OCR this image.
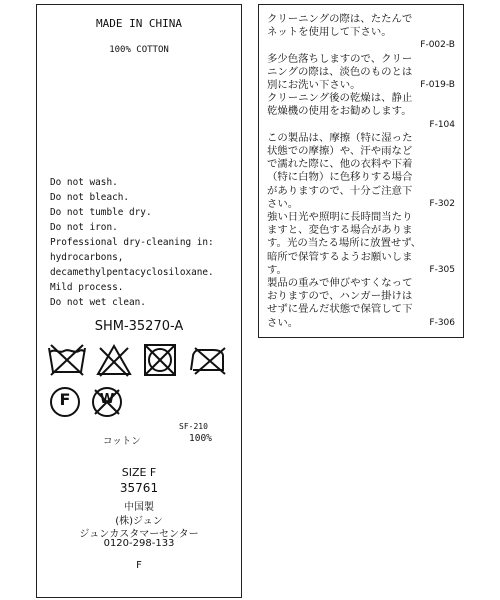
MADE IN CHINA
100% COTTON
Do not wash.
Do not bleach.
Do not tumble dry.
Do not iron.
Professional dry-cleaning in:
hydrocarbons,
decamethylpentacyclosiloxane.
Mild process.
Do not wet clean.
SHM-35270-A
F	W
SF-210
コットン	100%
SIZE F
35761
中国製
(株)ジュン
ジュンカスタマーセンター
0120-298-133
F
クリーニングの際は、たたんで
ネットを使用して下さい。
F-002-B
多少色落ちしますので、クリー
ニングの際は、淡色のものとは
別にお洗い下さい。	F-019-B
クリーニング後の乾燥は、静止
乾燥機の使用をお勧めします。
F-104
この製品は、摩擦（特に湿った
状態での摩擦）や、汗や雨など
で濡れた際に、他の衣料や下着
（特に白物）に色移りする場合
がありますので、十分ご注意下
さい。	F-302
強い日光や照明に長時間当たり
ますと、変色する場合がありま
す。光の当たる場所に放置せず、
暗所で保管するようお願いしま
す。	F-305
製品の重みで伸びやすくなって
おりますので、ハンガー掛けは
せずに畳んだ状態で保管して下
さい。	F-306
